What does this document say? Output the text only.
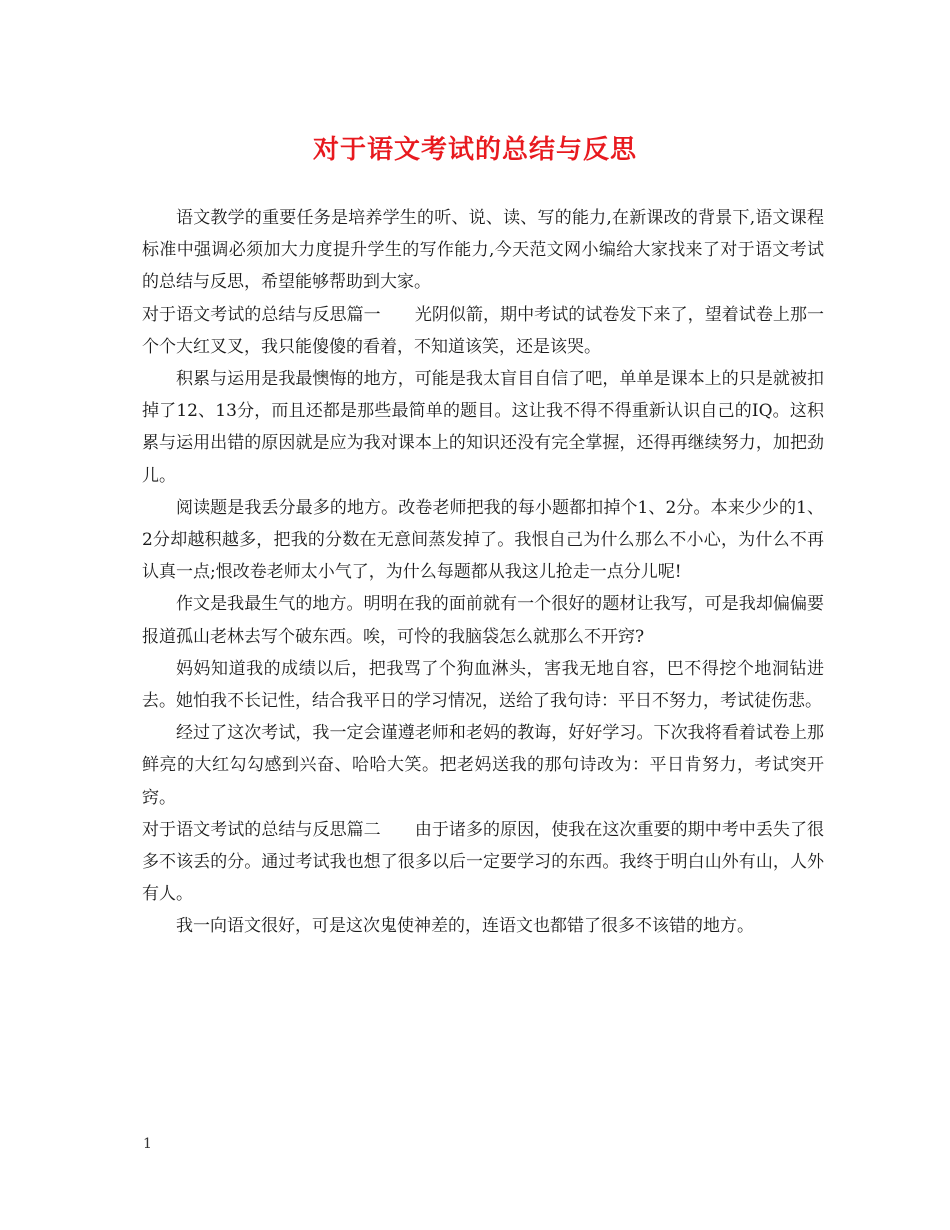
对于语文考试的总结与反思

语文教学的重要任务是培养学生的听、说、读、写的能力,在新课改的背景下,语文课程标准中强调必须加大力度提升学生的写作能力,今天范文网小编给大家找来了对于语文考试的总结与反思，希望能够帮助到大家。

对于语文考试的总结与反思篇一　　光阴似箭，期中考试的试卷发下来了，望着试卷上那一个个大红叉叉，我只能傻傻的看着，不知道该笑，还是该哭。

积累与运用是我最懊悔的地方，可能是我太盲目自信了吧，单单是课本上的只是就被扣掉了12、13分，而且还都是那些最简单的题目。这让我不得不得重新认识自己的IQ。这积累与运用出错的原因就是应为我对课本上的知识还没有完全掌握，还得再继续努力，加把劲儿。

阅读题是我丢分最多的地方。改卷老师把我的每小题都扣掉个1、2分。本来少少的1、2分却越积越多，把我的分数在无意间蒸发掉了。我恨自己为什么那么不小心，为什么不再认真一点;恨改卷老师太小气了，为什么每题都从我这儿抢走一点分儿呢!

作文是我最生气的地方。明明在我的面前就有一个很好的题材让我写，可是我却偏偏要报道孤山老林去写个破东西。唉，可怜的我脑袋怎么就那么不开窍?

妈妈知道我的成绩以后，把我骂了个狗血淋头，害我无地自容，巴不得挖个地洞钻进去。她怕我不长记性，结合我平日的学习情况，送给了我句诗：平日不努力，考试徒伤悲。

经过了这次考试，我一定会谨遵老师和老妈的教诲，好好学习。下次我将看着试卷上那鲜亮的大红勾勾感到兴奋、哈哈大笑。把老妈送我的那句诗改为：平日肯努力，考试突开窍。

对于语文考试的总结与反思篇二　　由于诸多的原因，使我在这次重要的期中考中丢失了很多不该丢的分。通过考试我也想了很多以后一定要学习的东西。我终于明白山外有山，人外有人。

我一向语文很好，可是这次鬼使神差的，连语文也都错了很多不该错的地方。

1
